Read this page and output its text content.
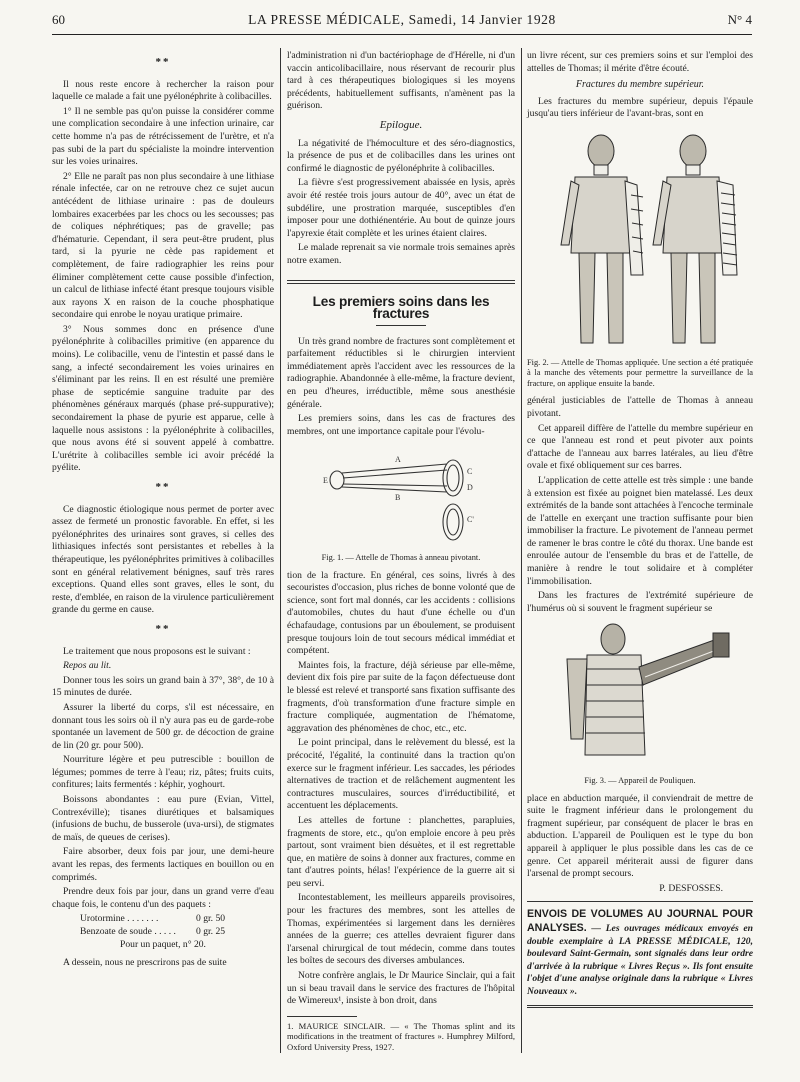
60	LA PRESSE MÉDICALE, Samedi, 14 Janvier 1928	N° 4
**

Il nous reste encore à rechercher la raison pour laquelle ce malade a fait une pyélonéphrite à colibacilles.

1° Il ne semble pas qu'on puisse la considérer comme une complication secondaire à une infection urinaire, car cette homme n'a pas de rétrécissement de l'urètre, et n'a pas subi de la part du spécialiste la moindre intervention sur les voies urinaires.

2° Elle ne paraît pas non plus secondaire à une lithiase rénale infectée, car on ne retrouve chez ce sujet aucun antécédent de lithiase urinaire : pas de douleurs lombaires exacerbées par les chocs ou les secousses; pas de coliques néphrétiques; pas de gravelle; pas d'hématurie. Cependant, il sera peut-être prudent, plus tard, si la pyurie ne cède pas rapidement et complètement, de faire radiographier les reins pour éliminer complètement cette cause possible d'infection, un calcul de lithiase infecté étant presque toujours visible aux rayons X en raison de la couche phosphatique secondaire qui enrobe le noyau uratique primaire.

3° Nous sommes donc en présence d'une pyélonéphrite à colibacilles primitive (en apparence du moins). Le colibacille, venu de l'intestin et passé dans le sang, a infecté secondairement les voies urinaires en s'éliminant par les reins. Il en est résulté une première phase de septicémie sanguine traduite par des phénomènes généraux marqués (phase pré-suppurative); secondairement la phase de pyurie est apparue, celle à laquelle nous assistons : la pyélonéphrite à colibacilles, que nous avons été si souvent appelé à combattre. L'urétrite à colibacilles semble ici avoir précédé la pyélite.

**

Ce diagnostic étiologique nous permet de porter avec assez de fermeté un pronostic favorable. En effet, si les pyélonéphrites des urinaires sont graves, si celles des lithiasiques infectés sont persistantes et rebelles à la thérapeutique, les pyélonéphrites primitives à colibacilles sont en général relativement bénignes, sauf très rares exceptions. Quand elles sont graves, elles le sont, du reste, d'emblée, en raison de la virulence particulièrement grande du germe en cause.

**

Le traitement que nous proposons est le suivant :

Repos au lit.

Donner tous les soirs un grand bain à 37°, 38°, de 10 à 15 minutes de durée.

Assurer la liberté du corps, s'il est nécessaire, en donnant tous les soirs où il n'y aura pas eu de garde-robe spontanée un lavement de 500 gr. de décoction de graine de lin (20 gr. pour 500).

Nourriture légère et peu putrescible : bouillon de légumes; pommes de terre à l'eau; riz, pâtes; fruits cuits, confitures; laits fermentés : képhir, yoghourt.

Boissons abondantes : eau pure (Evian, Vittel, Contrexéville); tisanes diurétiques et balsamiques (infusions de buchu, de busserole (uva-ursi), de stigmates de maïs, de queues de cerises).

Faire absorber, deux fois par jour, une demi-heure avant les repas, des ferments lactiques en bouillon ou en comprimés.

Prendre deux fois par jour, dans un grand verre d'eau chaque fois, le contenu d'un des paquets :

Urotormine . . . . . . .	0 gr. 50
Benzoate de soude . . . . .	0 gr. 25

Pour un paquet, n° 20.

A dessein, nous ne prescrirons pas de suite

l'administration ni d'un bactériophage de d'Hérelle, ni d'un vaccin anticolibacillaire, nous réservant de recourir plus tard à ces thérapeutiques biologiques si les moyens précédents, habituellement suffisants, n'amènent pas la guérison.

Epilogue.

La négativité de l'hémoculture et des séro-diagnostics, la présence de pus et de colibacilles dans les urines ont confirmé le diagnostic de pyélonéphrite à colibacilles.

La fièvre s'est progressivement abaissée en lysis, après avoir été restée trois jours autour de 40°, avec un état de subdélire, une prostration marquée, susceptibles d'en imposer pour une dothiénentérie. Au bout de quinze jours l'apyrexie était complète et les urines étaient claires.

Le malade reprenait sa vie normale trois semaines après notre examen.

Les premiers soins dans les fractures

Un très grand nombre de fractures sont complètement et parfaitement réductibles si le chirurgien intervient immédiatement après l'accident avec les ressources de la radiographie. Abandonnée à elle-même, la fracture devient, en peu d'heures, irréductible, même sous anesthésie générale.

Les premiers soins, dans les cas de fractures des membres, ont une importance capitale pour l'évolu-

A
B
C
C'
D
E
Fig. 1. — Attelle de Thomas à anneau pivotant.

tion de la fracture. En général, ces soins, livrés à des secouristes d'occasion, plus riches de bonne volonté que de science, sont fort mal donnés, car les accidents : collisions d'automobiles, chutes du haut d'une échelle ou d'un échafaudage, contusions par un éboulement, se produisent presque toujours loin de tout secours médical immédiat et compétent.

Maintes fois, la fracture, déjà sérieuse par elle-même, devient dix fois pire par suite de la façon défectueuse dont le blessé est relevé et transporté sans fixation suffisante des fragments, d'où transformation d'une fracture simple en fracture compliquée, augmentation de l'hématome, aggravation des phénomènes de choc, etc., etc.

Le point principal, dans le relèvement du blessé, est la précocité, l'égalité, la continuité dans la traction qu'on exerce sur le fragment inférieur. Les saccades, les périodes alternatives de traction et de relâchement augmentent les contractures musculaires, sources d'irréductibilité, et accentuent les déplacements.

Les attelles de fortune : planchettes, parapluies, fragments de store, etc., qu'on emploie encore à peu près partout, sont vraiment bien désuètes, et il est regrettable que, en matière de soins à donner aux fractures, comme en tant d'autres points, hélas! l'expérience de la guerre ait si peu servi.

Incontestablement, les meilleurs appareils provisoires, pour les fractures des membres, sont les attelles de Thomas, expérimentées si largement dans les dernières années de la guerre; ces attelles devraient figurer dans l'arsenal chirurgical de tout médecin, comme dans toutes les boîtes de secours des diverses ambulances.

Notre confrère anglais, le Dr Maurice Sinclair, qui a fait un si beau travail dans le service des fractures de l'hôpital de Wimereux¹, insiste à bon droit, dans

1. MAURICE SINCLAIR. — « The Thomas splint and its modifications in the treatment of fractures ». Humphrey Milford, Oxford University Press, 1927.

un livre récent, sur ces premiers soins et sur l'emploi des attelles de Thomas; il mérite d'être écouté.

Fractures du membre supérieur.

Les fractures du membre supérieur, depuis l'épaule jusqu'au tiers inférieur de l'avant-bras, sont en

Fig. 2. — Attelle de Thomas appliquée. Une section a été pratiquée à la manche des vêtements pour permettre la surveillance de la fracture, on applique ensuite la bande.

général justiciables de l'attelle de Thomas à anneau pivotant.

Cet appareil diffère de l'attelle du membre supérieur en ce que l'anneau est rond et peut pivoter aux points d'attache de l'anneau aux barres latérales, au lieu d'être ovale et fixé obliquement sur ces barres.

L'application de cette attelle est très simple : une bande à extension est fixée au poignet bien matelassé. Les deux extrémités de la bande sont attachées à l'encoche terminale de l'attelle en exerçant une traction suffisante pour bien immobiliser la fracture. Le pivotement de l'anneau permet de ramener le bras contre le côté du thorax. Une bande est enroulée autour de l'ensemble du bras et de l'attelle, de manière à rendre le tout solidaire et à compléter l'immobilisation.

Dans les fractures de l'extrémité supérieure de l'humérus où si souvent le fragment supérieur se

Fig. 3. — Appareil de Pouliquen.

place en abduction marquée, il conviendrait de mettre de suite le fragment inférieur dans le prolongement du fragment supérieur, par conséquent de placer le bras en abduction. L'appareil de Pouliquen est le type du bon appareil à appliquer le plus possible dans les cas de ce genre. Cet appareil mériterait aussi de figurer dans l'arsenal de prompt secours.

P. DESFOSSES.

ENVOIS DE VOLUMES AU JOURNAL POUR ANALYSES. — Les ouvrages médicaux envoyés en double exemplaire à LA PRESSE MÉDICALE, 120, boulevard Saint-Germain, sont signalés dans leur ordre d'arrivée à la rubrique « Livres Reçus ». Ils font ensuite l'objet d'une analyse originale dans la rubrique « Livres Nouveaux ».
